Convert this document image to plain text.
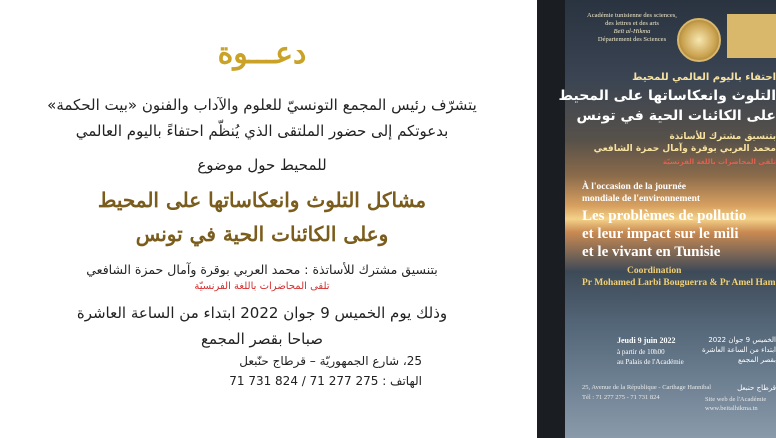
دعـــوة
يتشرّف رئيس المجمع التونسيّ للعلوم والآداب والفنون «بيت الحكمة»
بدعوتكم إلى حضور الملتقى الذي يُنظّم احتفاءً باليوم العالمي
للمحيط حول موضوع
مشاكل التلوث وانعكاساتها على المحيط
وعلى الكائنات الحية في تونس
بتنسيق مشترك للأساتذة : محمد العربي بوقرة وآمال حمزة الشافعي
تلقى المحاضرات باللغة الفرنسيّة
وذلك يوم الخميس 9 جوان 2022 ابتداء من الساعة العاشرة
صباحا بقصر المجمع
25، شارع الجمهوريّة – قرطاج حنّبعل
الهاتف : 275 277 71 / 824 731 71
Académie tunisienne des sciences,
des lettres et des arts
Beït al-Hikma
Département des Sciences
احتفاء باليوم العالمي للمحيط
التلوث وانعكاساتها على المحيط
على الكائنات الحية في تونس
بتنسيق مشترك للأساتذة
محمد العربي بوقرة وآمال حمزة الشافعي
تلقى المحاضرات باللغة الفرنسيّة
À l'occasion de la journée
mondiale de l'environnement
Les problèmes de pollutio
et leur impact sur le mili
et le vivant en Tunisie
Coordination
Pr Mohamed Larbi Bouguerra & Pr Amel Ham
Jeudi 9 juin 2022
à partir de 10h00
au Palais de l'Académie
الخميس 9 جوان 2022
ابتداء من الساعة العاشرة
بقصر المجمع
25, Avenue de la République - Carthage Hannibal
Tél : 71 277 275 - 71 731 824	Site web de l'Académie
www.beitalhikma.tn
قرطاج حنبعل
